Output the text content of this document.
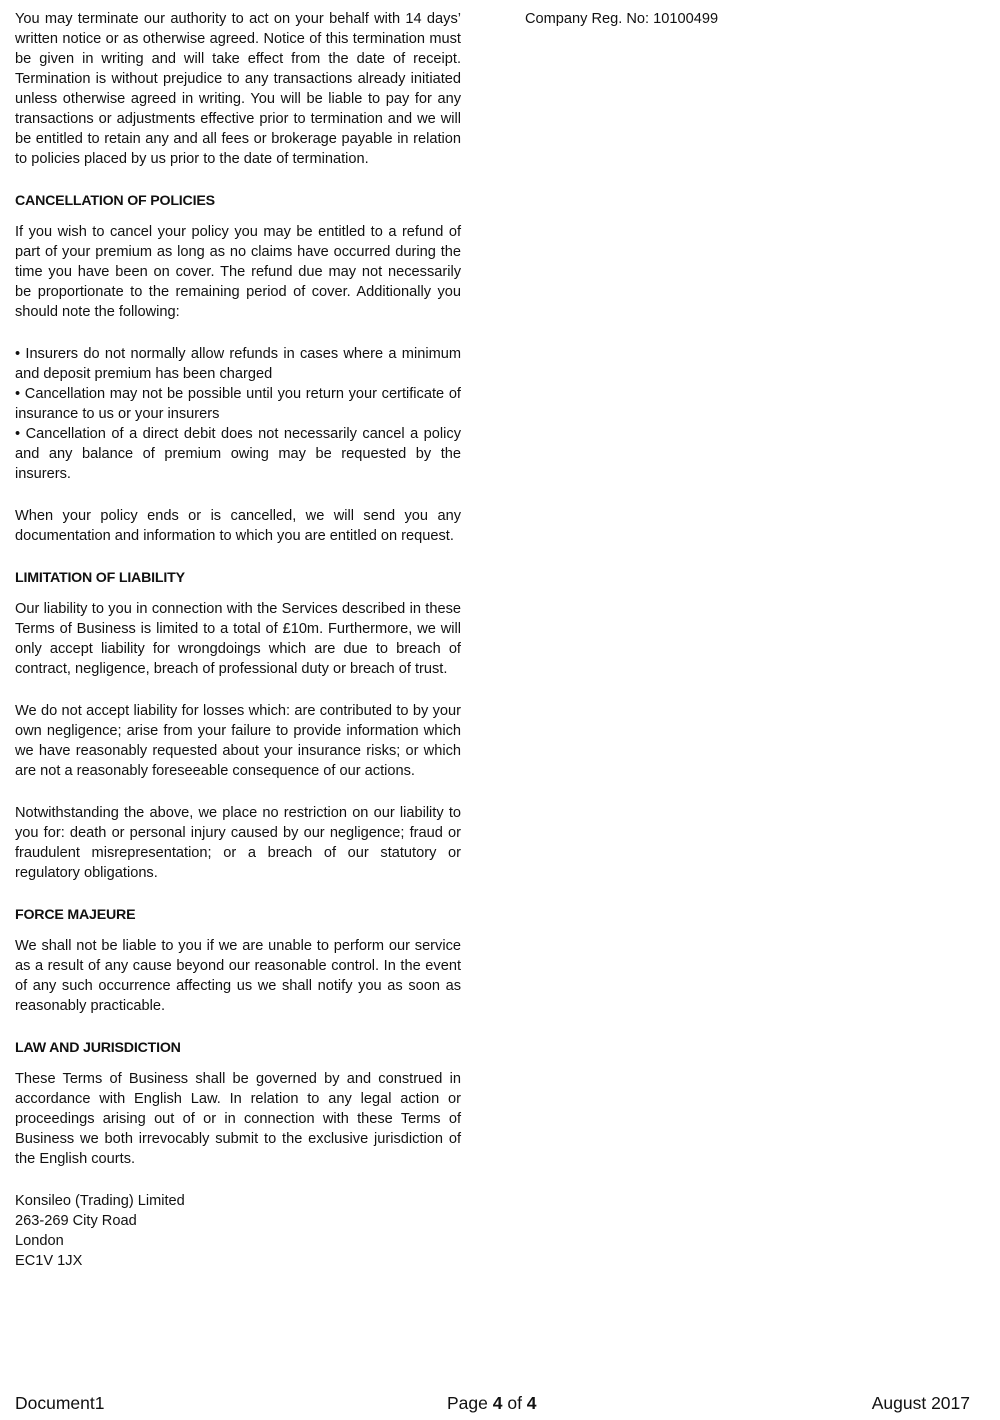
You may terminate our authority to act on your behalf with 14 days’ written notice or as otherwise agreed. Notice of this termination must be given in writing and will take effect from the date of receipt. Termination is without prejudice to any transactions already initiated unless otherwise agreed in writing. You will be liable to pay for any transactions or adjustments effective prior to termination and we will be entitled to retain any and all fees or brokerage payable in relation to policies placed by us prior to the date of termination.

CANCELLATION OF POLICIES

If you wish to cancel your policy you may be entitled to a refund of part of your premium as long as no claims have occurred during the time you have been on cover. The refund due may not necessarily be proportionate to the remaining period of cover. Additionally you should note the following:

• Insurers do not normally allow refunds in cases where a minimum and deposit premium has been charged

• Cancellation may not be possible until you return your certificate of insurance to us or your insurers

• Cancellation of a direct debit does not necessarily cancel a policy and any balance of premium owing may be requested by the insurers.

When your policy ends or is cancelled, we will send you any documentation and information to which you are entitled on request.

LIMITATION OF LIABILITY

Our liability to you in connection with the Services described in these Terms of Business is limited to a total of £10m. Furthermore, we will only accept liability for wrongdoings which are due to breach of contract, negligence, breach of professional duty or breach of trust.

We do not accept liability for losses which: are contributed to by your own negligence; arise from your failure to provide information which we have reasonably requested about your insurance risks; or which are not a reasonably foreseeable consequence of our actions.

Notwithstanding the above, we place no restriction on our liability to you for: death or personal injury caused by our negligence; fraud or fraudulent misrepresentation; or a breach of our statutory or regulatory obligations.

FORCE MAJEURE

We shall not be liable to you if we are unable to perform our service as a result of any cause beyond our reasonable control. In the event of any such occurrence affecting us we shall notify you as soon as reasonably practicable.

LAW AND JURISDICTION

These Terms of Business shall be governed by and construed in accordance with English Law. In relation to any legal action or proceedings arising out of or in connection with these Terms of Business we both irrevocably submit to the exclusive jurisdiction of the English courts.

Konsileo (Trading) Limited

263-269 City Road

London

EC1V 1JX

Company Reg. No: 10100499
Document1	Page 4 of 4	August 2017
